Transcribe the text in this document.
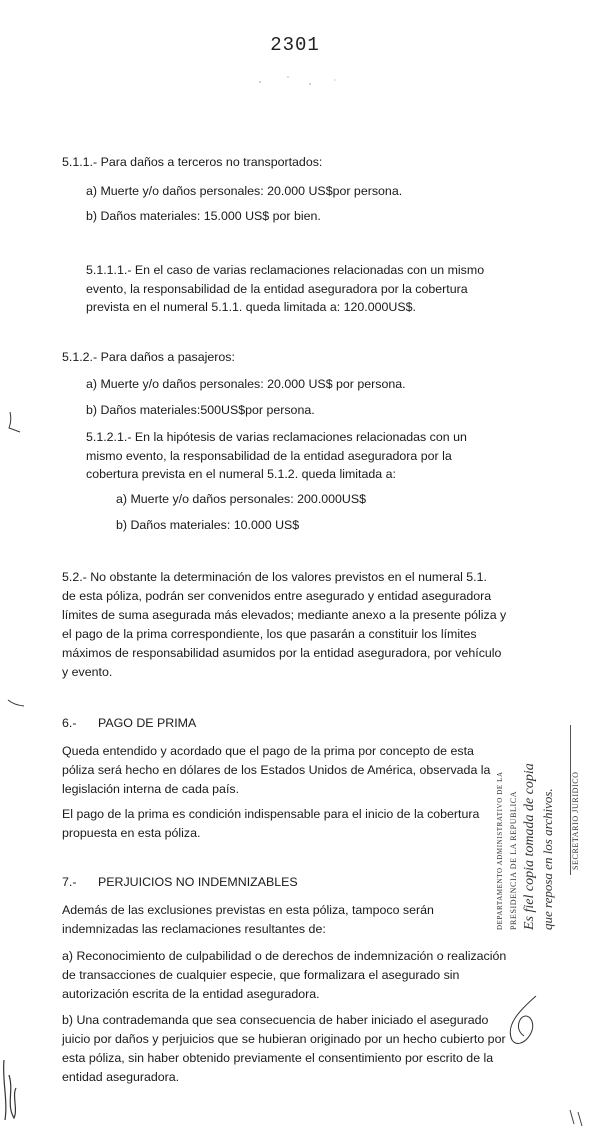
2301
5.1.1.- Para daños a terceros no transportados:
a) Muerte y/o daños personales: 20.000 US$por persona.
b) Daños materiales: 15.000 US$ por bien.
5.1.1.1.- En el caso de varias reclamaciones relacionadas con un mismo
evento, la responsabilidad de la entidad aseguradora por la cobertura
prevista en el numeral 5.1.1. queda limitada a: 120.000US$.
5.1.2.- Para daños a pasajeros:
a) Muerte y/o daños personales: 20.000 US$ por persona.
b) Daños materiales:500US$por persona.
5.1.2.1.- En la hipótesis de varias reclamaciones relacionadas con un
mismo evento, la responsabilidad de la entidad aseguradora por la
cobertura prevista en el numeral 5.1.2. queda limitada a:
a) Muerte y/o daños personales: 200.000US$
b) Daños materiales: 10.000 US$
5.2.- No obstante la determinación de los valores previstos en el numeral 5.1.
de esta póliza, podrán ser convenidos entre asegurado y entidad aseguradora
límites de suma asegurada más elevados; mediante anexo a la presente póliza y
el pago de la prima correspondiente, los que pasarán a constituir los límites
máximos de responsabilidad asumidos por la entidad aseguradora, por vehículo
y evento.
6.- PAGO DE PRIMA
Queda entendido y acordado que el pago de la prima por concepto de esta
póliza será hecho en dólares de los Estados Unidos de América, observada la
legislación interna de cada país.
El pago de la prima es condición indispensable para el inicio de la cobertura
propuesta en esta póliza.
7.- PERJUICIOS NO INDEMNIZABLES
Además de las exclusiones previstas en esta póliza, tampoco serán
indemnizadas las reclamaciones resultantes de:
a) Reconocimiento de culpabilidad o de derechos de indemnización o realización
de transacciones de cualquier especie, que formalizara el asegurado sin
autorización escrita de la entidad aseguradora.
b) Una contrademanda que sea consecuencia de haber iniciado el asegurado
juicio por daños y perjuicios que se hubieran originado por un hecho cubierto por
esta póliza, sin haber obtenido previamente el consentimiento por escrito de la
entidad aseguradora.
DEPARTAMENTO ADMINISTRATIVO DE LA PRESIDENCIA DE LA REPUBLICA Es fiel copia tomada de copia que reposa en los archivos. SECRETARIO JURIDICO
